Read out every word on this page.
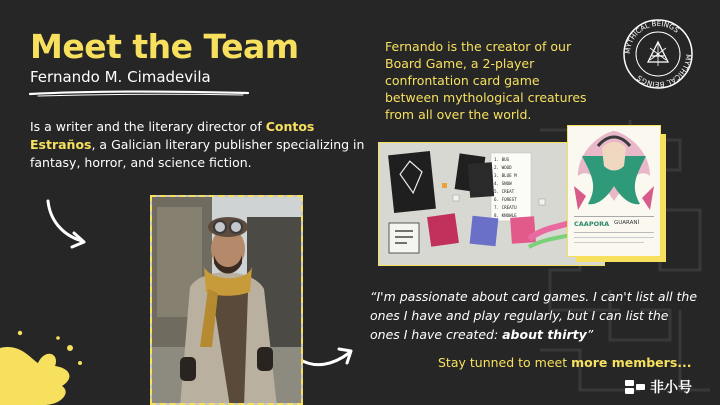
Meet the Team
Fernando M. Cimadevila
Is a writer and the literary director of Contos Estraños, a Galician literary publisher specializing in fantasy, horror, and science fiction.
Fernando is the creator of our Board Game, a 2-player confrontation card game between mythological creatures from all over the world.
MYTHICAL BEINGS
MYTHICAL BEINGS
1. BUS
2. WOOD
3. BLUE M
4. SNOW
5. CREAT
6. FOREST
7. CREATU
8. KNOWLE
CAAPORA GUARANÍ
“I'm passionate about card games. I can't list all the ones I have and play regularly, but I can list the ones I have created: about thirty”
Stay tunned to meet more members...
非小号
